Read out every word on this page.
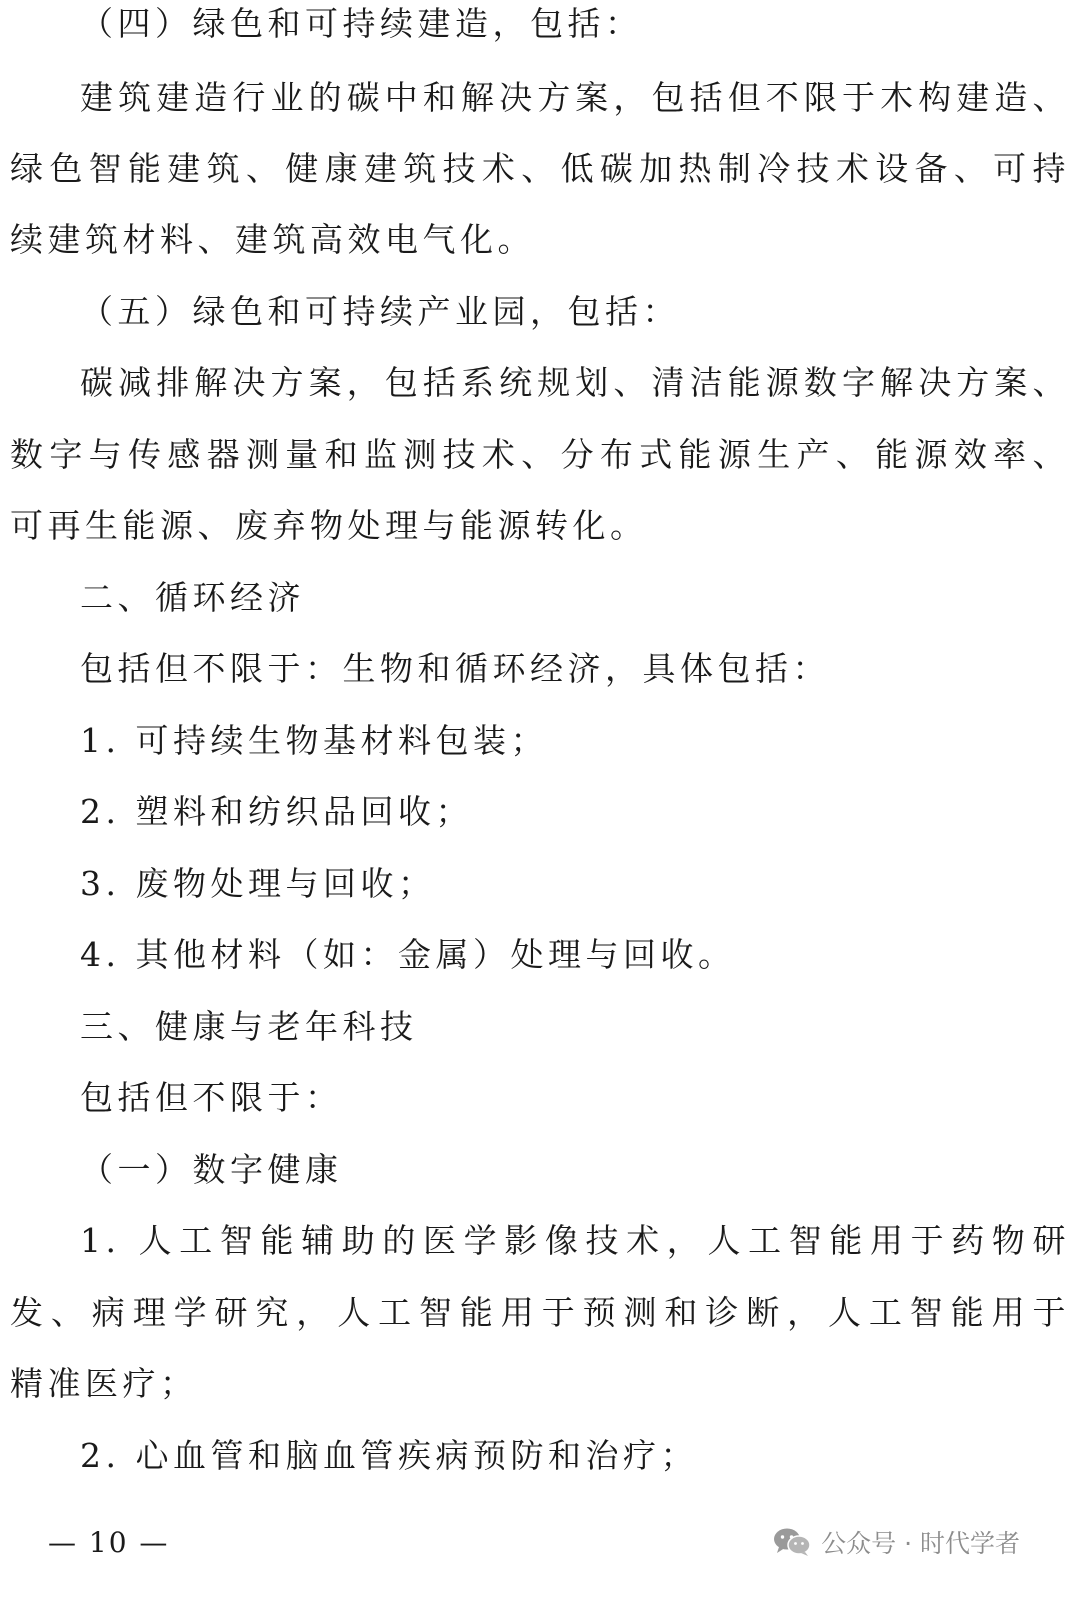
（四）绿色和可持续建造，包括：
建筑建造行业的碳中和解决方案，包括但不限于木构建造、
绿色智能建筑、健康建筑技术、低碳加热制冷技术设备、可持
续建筑材料、建筑高效电气化。
（五）绿色和可持续产业园，包括：
碳减排解决方案，包括系统规划、清洁能源数字解决方案、
数字与传感器测量和监测技术、分布式能源生产、能源效率、
可再生能源、废弃物处理与能源转化。
二、循环经济
包括但不限于：生物和循环经济，具体包括：
1. 可持续生物基材料包装；
2. 塑料和纺织品回收；
3. 废物处理与回收；
4. 其他材料（如：金属）处理与回收。
三、健康与老年科技
包括但不限于：
（一）数字健康
1. 人工智能辅助的医学影像技术，人工智能用于药物研
发、病理学研究，人工智能用于预测和诊断，人工智能用于
精准医疗；
2. 心血管和脑血管疾病预防和治疗；
— 10 —	公众号 · 时代学者
